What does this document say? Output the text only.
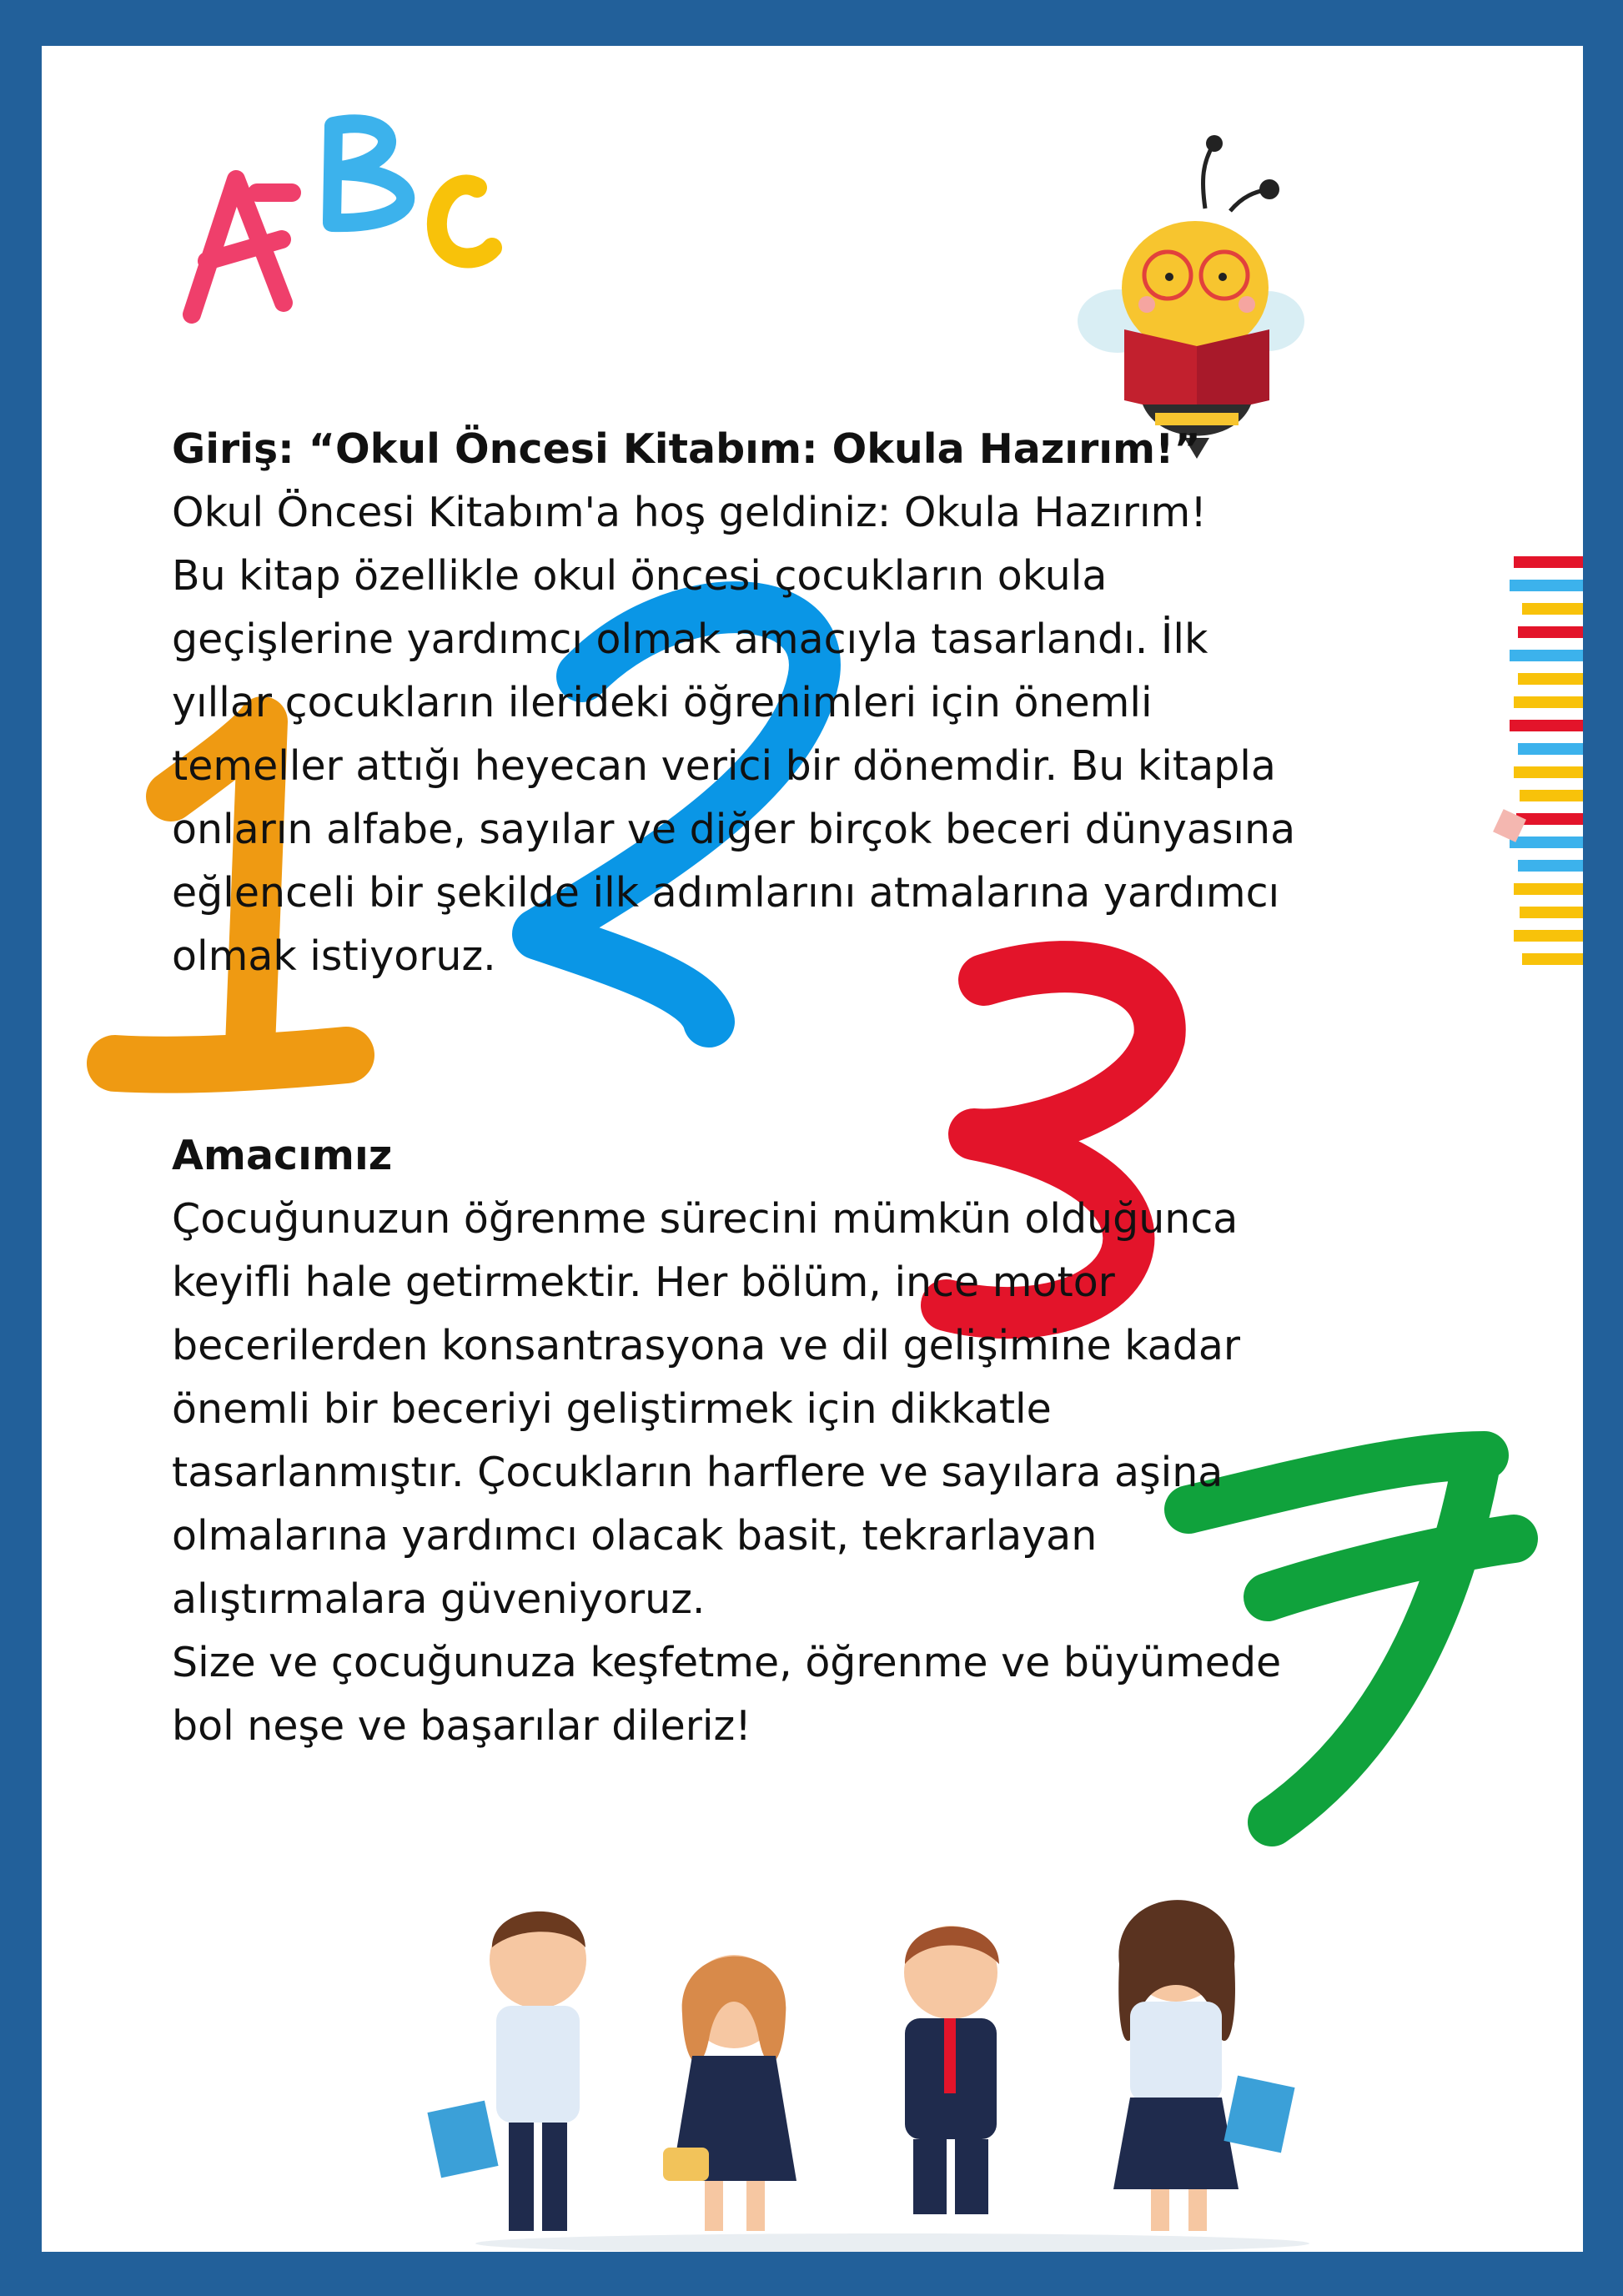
Giriş: “Okul Öncesi Kitabım: Okula Hazırım!”

Okul Öncesi Kitabım'a hoş geldiniz: Okula Hazırım!

Bu kitap özellikle okul öncesi çocukların okula

geçişlerine yardımcı olmak amacıyla tasarlandı. İlk

yıllar çocukların ilerideki öğrenimleri için önemli

temeller attığı heyecan verici bir dönemdir. Bu kitapla

onların alfabe, sayılar ve diğer birçok beceri dünyasına

eğlenceli bir şekilde ilk adımlarını atmalarına yardımcı

olmak istiyoruz.

Amacımız

Çocuğunuzun öğrenme sürecini mümkün olduğunca

keyifli hale getirmektir. Her bölüm, ince motor

becerilerden konsantrasyona ve dil gelişimine kadar

önemli bir beceriyi geliştirmek için dikkatle

tasarlanmıştır. Çocukların harflere ve sayılara aşina

olmalarına yardımcı olacak basit, tekrarlayan

alıştırmalara güveniyoruz.

Size ve çocuğunuza keşfetme, öğrenme ve büyümede

bol neşe ve başarılar dileriz!
